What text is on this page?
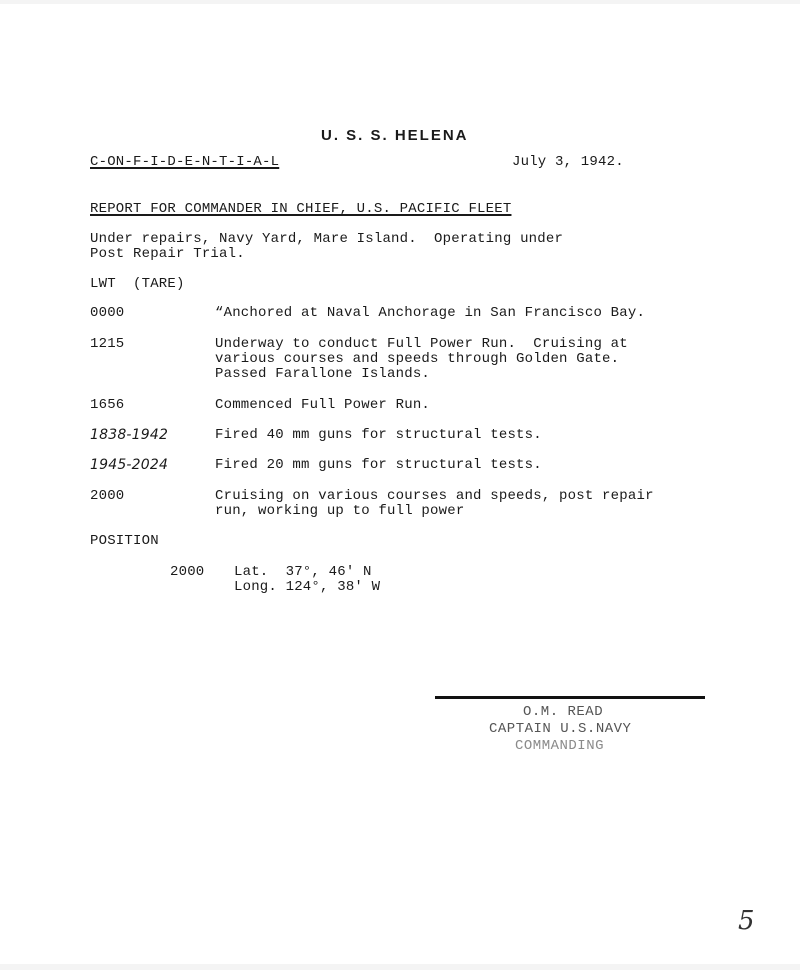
U. S. S. HELENA
C-ON-F-I-D-E-N-T-I-A-L	July 3, 1942.
REPORT FOR COMMANDER IN CHIEF, U.S. PACIFIC FLEET
Under repairs, Navy Yard, Mare Island.  Operating under
Post Repair Trial.
LWT  (TARE)
0000	“Anchored at Naval Anchorage in San Francisco Bay.
1215	Underway to conduct Full Power Run.  Cruising at
various courses and speeds through Golden Gate.
Passed Farallone Islands.
1656	Commenced Full Power Run.
1838-1942	Fired 40 mm guns for structural tests.
1945-2024	Fired 20 mm guns for structural tests.
2000	Cruising on various courses and speeds, post repair
run, working up to full power
POSITION
2000 Lat.  37°, 46' N
Long. 124°, 38' W
O.M. READ
CAPTAIN U.S.NAVY
COMMANDING
5
